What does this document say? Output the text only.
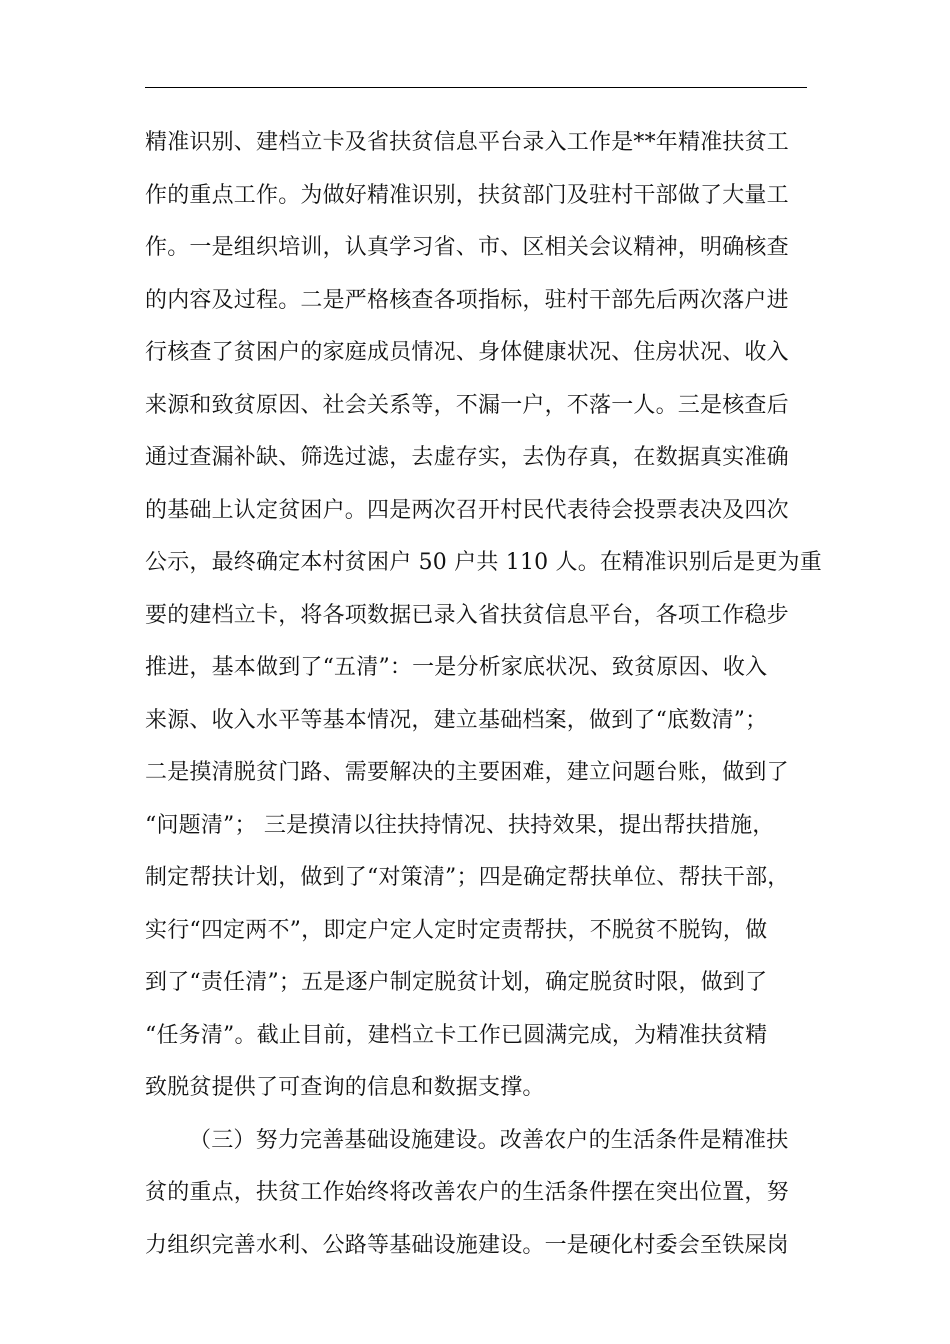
精准识别、建档立卡及省扶贫信息平台录入工作是**年精准扶贫工
作的重点工作。为做好精准识别，扶贫部门及驻村干部做了大量工
作。一是组织培训，认真学习省、市、区相关会议精神，明确核查
的内容及过程。二是严格核查各项指标，驻村干部先后两次落户进
行核查了贫困户的家庭成员情况、身体健康状况、住房状况、收入
来源和致贫原因、社会关系等，不漏一户，不落一人。三是核查后
通过查漏补缺、筛选过滤，去虚存实，去伪存真，在数据真实准确
的基础上认定贫困户。四是两次召开村民代表待会投票表决及四次
公示，最终确定本村贫困户 50 户共 110 人。在精准识别后是更为重
要的建档立卡，将各项数据已录入省扶贫信息平台，各项工作稳步
推进，基本做到了“五清”：一是分析家底状况、致贫原因、收入
来源、收入水平等基本情况，建立基础档案，做到了“底数清”；
二是摸清脱贫门路、需要解决的主要困难，建立问题台账，做到了
“问题清”； 三是摸清以往扶持情况、扶持效果，提出帮扶措施，
制定帮扶计划，做到了“对策清”；四是确定帮扶单位、帮扶干部，
实行“四定两不”，即定户定人定时定责帮扶，不脱贫不脱钩，做
到了“责任清”；五是逐户制定脱贫计划，确定脱贫时限，做到了
“任务清”。截止目前，建档立卡工作已圆满完成，为精准扶贫精
致脱贫提供了可查询的信息和数据支撑。
（三）努力完善基础设施建设。改善农户的生活条件是精准扶
贫的重点，扶贫工作始终将改善农户的生活条件摆在突出位置，努
力组织完善水利、公路等基础设施建设。一是硬化村委会至铁屎岗
